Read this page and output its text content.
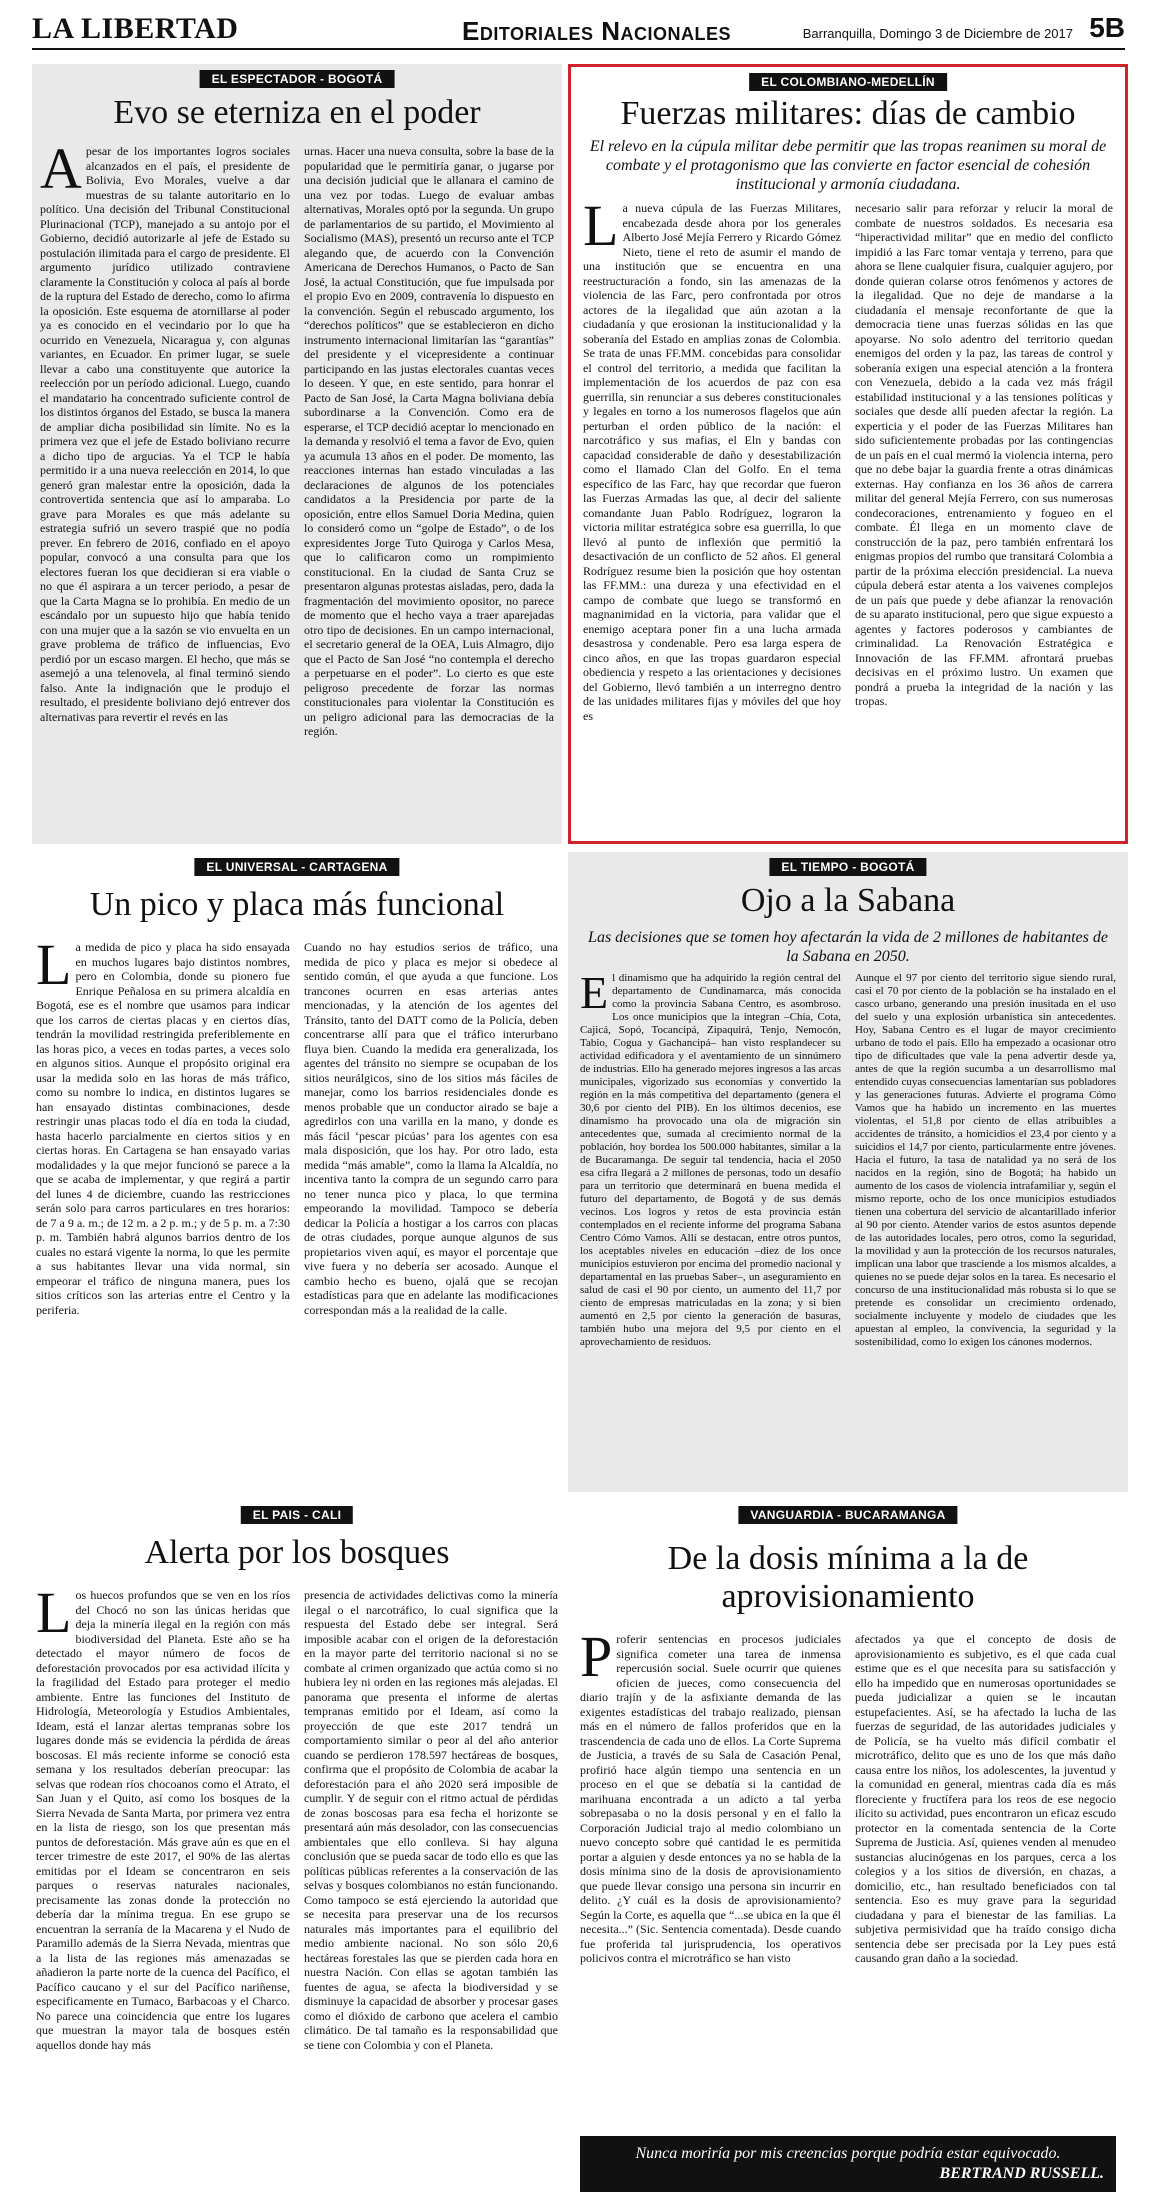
LA LIBERTAD	Editoriales Nacionales	Barranquilla, Domingo 3 de Diciembre de 2017 5B
EL ESPECTADOR - BOGOTÁ
Evo se eterniza en el poder
Apesar de los importantes logros sociales alcanzados en el país, el presidente de Bolivia, Evo Morales, vuelve a dar muestras de su talante autoritario en lo político. Una decisión del Tribunal Constitucional Plurinacional (TCP), manejado a su antojo por el Gobierno, decidió autorizarle al jefe de Estado su postulación ilimitada para el cargo de presidente. El argumento jurídico utilizado contraviene claramente la Constitución y coloca al país al borde de la ruptura del Estado de derecho, como lo afirma la oposición. Este esquema de atornillarse al poder ya es conocido en el vecindario por lo que ha ocurrido en Venezuela, Nicaragua y, con algunas variantes, en Ecuador. En primer lugar, se suele llevar a cabo una constituyente que autorice la reelección por un período adicional. Luego, cuando el mandatario ha concentrado suficiente control de los distintos órganos del Estado, se busca la manera de ampliar dicha posibilidad sin límite. No es la primera vez que el jefe de Estado boliviano recurre a dicho tipo de argucias. Ya el TCP le había permitido ir a una nueva reelección en 2014, lo que generó gran malestar entre la oposición, dada la controvertida sentencia que así lo amparaba. Lo grave para Morales es que más adelante su estrategia sufrió un severo traspié que no podía prever. En febrero de 2016, confiado en el apoyo popular, convocó a una consulta para que los electores fueran los que decidieran si era viable o no que él aspirara a un tercer periodo, a pesar de que la Carta Magna se lo prohibía. En medio de un escándalo por un supuesto hijo que había tenido con una mujer que a la sazón se vio envuelta en un grave problema de tráfico de influencias, Evo perdió por un escaso margen. El hecho, que más se asemejó a una telenovela, al final terminó siendo falso. Ante la indignación que le produjo el resultado, el presidente boliviano dejó entrever dos alternativas para revertir el revés en las
urnas. Hacer una nueva consulta, sobre la base de la popularidad que le permitiría ganar, o jugarse por una decisión judicial que le allanara el camino de una vez por todas. Luego de evaluar ambas alternativas, Morales optó por la segunda. Un grupo de parlamentarios de su partido, el Movimiento al Socialismo (MAS), presentó un recurso ante el TCP alegando que, de acuerdo con la Convención Americana de Derechos Humanos, o Pacto de San José, la actual Constitución, que fue impulsada por el propio Evo en 2009, contravenía lo dispuesto en la convención. Según el rebuscado argumento, los “derechos políticos” que se establecieron en dicho instrumento internacional limitarían las “garantías” del presidente y el vicepresidente a continuar participando en las justas electorales cuantas veces lo deseen. Y que, en este sentido, para honrar el Pacto de San José, la Carta Magna boliviana debía subordinarse a la Convención. Como era de esperarse, el TCP decidió aceptar lo mencionado en la demanda y resolvió el tema a favor de Evo, quien ya acumula 13 años en el poder. De momento, las reacciones internas han estado vinculadas a las declaraciones de algunos de los potenciales candidatos a la Presidencia por parte de la oposición, entre ellos Samuel Doria Medina, quien lo consideró como un “golpe de Estado”, o de los expresidentes Jorge Tuto Quiroga y Carlos Mesa, que lo calificaron como un rompimiento constitucional. En la ciudad de Santa Cruz se presentaron algunas protestas aisladas, pero, dada la fragmentación del movimiento opositor, no parece de momento que el hecho vaya a traer aparejadas otro tipo de decisiones. En un campo internacional, el secretario general de la OEA, Luis Almagro, dijo que el Pacto de San José “no contempla el derecho a perpetuarse en el poder”. Lo cierto es que este peligroso precedente de forzar las normas constitucionales para violentar la Constitución es un peligro adicional para las democracias de la región.
EL COLOMBIANO-MEDELLÍN
Fuerzas militares: días de cambio
El relevo en la cúpula militar debe permitir que las tropas reanimen su moral de combate y el protagonismo que las convierte en factor esencial de cohesión institucional y armonía ciudadana.
La nueva cúpula de las Fuerzas Militares, encabezada desde ahora por los generales Alberto José Mejía Ferrero y Ricardo Gómez Nieto, tiene el reto de asumir el mando de una institución que se encuentra en una reestructuración a fondo, sin las amenazas de la violencia de las Farc, pero confrontada por otros actores de la ilegalidad que aún azotan a la ciudadanía y que erosionan la institucionalidad y la soberanía del Estado en amplias zonas de Colombia. Se trata de unas FF.MM. concebidas para consolidar el control del territorio, a medida que facilitan la implementación de los acuerdos de paz con esa guerrilla, sin renunciar a sus deberes constitucionales y legales en torno a los numerosos flagelos que aún perturban el orden público de la nación: el narcotráfico y sus mafias, el Eln y bandas con capacidad considerable de daño y desestabilización como el llamado Clan del Golfo. En el tema específico de las Farc, hay que recordar que fueron las Fuerzas Armadas las que, al decir del saliente comandante Juan Pablo Rodríguez, lograron la victoria militar estratégica sobre esa guerrilla, lo que llevó al punto de inflexión que permitió la desactivación de un conflicto de 52 años. El general Rodríguez resume bien la posición que hoy ostentan las FF.MM.: una dureza y una efectividad en el campo de combate que luego se transformó en magnanimidad en la victoria, para validar que el enemigo aceptara poner fin a una lucha armada desastrosa y condenable. Pero esa larga espera de cinco años, en que las tropas guardaron especial obediencia y respeto a las orientaciones y decisiones del Gobierno, llevó también a un interregno dentro de las unidades militares fijas y móviles del que hoy es
necesario salir para reforzar y relucir la moral de combate de nuestros soldados. Es necesaria esa “hiperactividad militar” que en medio del conflicto impidió a las Farc tomar ventaja y terreno, para que ahora se llene cualquier fisura, cualquier agujero, por donde quieran colarse otros fenómenos y actores de la ilegalidad. Que no deje de mandarse a la ciudadanía el mensaje reconfortante de que la democracia tiene unas fuerzas sólidas en las que apoyarse. No solo adentro del territorio quedan enemigos del orden y la paz, las tareas de control y soberanía exigen una especial atención a la frontera con Venezuela, debido a la cada vez más frágil estabilidad institucional y a las tensiones políticas y sociales que desde allí pueden afectar la región. La experticia y el poder de las Fuerzas Militares han sido suficientemente probadas por las contingencias de un país en el cual mermó la violencia interna, pero que no debe bajar la guardia frente a otras dinámicas externas. Hay confianza en los 36 años de carrera militar del general Mejía Ferrero, con sus numerosas condecoraciones, entrenamiento y fogueo en el combate. Él llega en un momento clave de construcción de la paz, pero también enfrentará los enigmas propios del rumbo que transitará Colombia a partir de la próxima elección presidencial. La nueva cúpula deberá estar atenta a los vaivenes complejos de un país que puede y debe afianzar la renovación de su aparato institucional, pero que sigue expuesto a agentes y factores poderosos y cambiantes de criminalidad. La Renovación Estratégica e Innovación de las FF.MM. afrontará pruebas decisivas en el próximo lustro. Un examen que pondrá a prueba la integridad de la nación y las tropas.
EL UNIVERSAL - CARTAGENA
Un pico y placa más funcional
La medida de pico y placa ha sido ensayada en muchos lugares bajo distintos nombres, pero en Colombia, donde su pionero fue Enrique Peñalosa en su primera alcaldía en Bogotá, ese es el nombre que usamos para indicar que los carros de ciertas placas y en ciertos días, tendrán la movilidad restringida preferiblemente en las horas pico, a veces en todas partes, a veces solo en algunos sitios. Aunque el propósito original era usar la medida solo en las horas de más tráfico, como su nombre lo indica, en distintos lugares se han ensayado distintas combinaciones, desde restringir unas placas todo el día en toda la ciudad, hasta hacerlo parcialmente en ciertos sitios y en ciertas horas. En Cartagena se han ensayado varias modalidades y la que mejor funcionó se parece a la que se acaba de implementar, y que regirá a partir del lunes 4 de diciembre, cuando las restricciones serán solo para carros particulares en tres horarios: de 7 a 9 a. m.; de 12 m. a 2 p. m.; y de 5 p. m. a 7:30 p. m. También habrá algunos barrios dentro de los cuales no estará vigente la norma, lo que les permite a sus habitantes llevar una vida normal, sin empeorar el tráfico de ninguna manera, pues los sitios críticos son las arterias entre el Centro y la periferia.
Cuando no hay estudios serios de tráfico, una medida de pico y placa es mejor si obedece al sentido común, el que ayuda a que funcione. Los trancones ocurren en esas arterias antes mencionadas, y la atención de los agentes del Tránsito, tanto del DATT como de la Policía, deben concentrarse allí para que el tráfico interurbano fluya bien. Cuando la medida era generalizada, los agentes del tránsito no siempre se ocupaban de los sitios neurálgicos, sino de los sitios más fáciles de manejar, como los barrios residenciales donde es menos probable que un conductor airado se baje a agredirlos con una varilla en la mano, y donde es más fácil ‘pescar picúas’ para los agentes con esa mala disposición, que los hay. Por otro lado, esta medida “más amable”, como la llama la Alcaldía, no incentiva tanto la compra de un segundo carro para no tener nunca pico y placa, lo que termina empeorando la movilidad. Tampoco se debería dedicar la Policía a hostigar a los carros con placas de otras ciudades, porque aunque algunos de sus propietarios viven aquí, es mayor el porcentaje que vive fuera y no debería ser acosado. Aunque el cambio hecho es bueno, ojalá que se recojan estadísticas para que en adelante las modificaciones correspondan más a la realidad de la calle.
EL TIEMPO - BOGOTÁ
Ojo a la Sabana
Las decisiones que se tomen hoy afectarán la vida de 2 millones de habitantes de la Sabana en 2050.
El dinamismo que ha adquirido la región central del departamento de Cundinamarca, más conocida como la provincia Sabana Centro, es asombroso. Los once municipios que la integran –Chía, Cota, Cajicá, Sopó, Tocancipá, Zipaquirá, Tenjo, Nemocón, Tabio, Cogua y Gachancipá– han visto resplandecer su actividad edificadora y el aventamiento de un sinnúmero de industrias. Ello ha generado mejores ingresos a las arcas municipales, vigorizado sus economías y convertido la región en la más competitiva del departamento (genera el 30,6 por ciento del PIB). En los últimos decenios, ese dinamismo ha provocado una ola de migración sin antecedentes que, sumada al crecimiento normal de la población, hoy bordea los 500.000 habitantes, similar a la de Bucaramanga. De seguir tal tendencia, hacia el 2050 esa cifra llegará a 2 millones de personas, todo un desafío para un territorio que determinará en buena medida el futuro del departamento, de Bogotá y de sus demás vecinos. Los logros y retos de esta provincia están contemplados en el reciente informe del programa Sabana Centro Cómo Vamos. Allí se destacan, entre otros puntos, los aceptables niveles en educación –diez de los once municipios estuvieron por encima del promedio nacional y departamental en las pruebas Saber–, un aseguramiento en salud de casi el 90 por ciento, un aumento del 11,7 por ciento de empresas matriculadas en la zona; y si bien aumentó en 2,5 por ciento la generación de basuras, también hubo una mejora del 9,5 por ciento en el aprovechamiento de residuos.
Aunque el 97 por ciento del territorio sigue siendo rural, casi el 70 por ciento de la población se ha instalado en el casco urbano, generando una presión inusitada en el uso del suelo y una explosión urbanística sin antecedentes. Hoy, Sabana Centro es el lugar de mayor crecimiento urbano de todo el país. Ello ha empezado a ocasionar otro tipo de dificultades que vale la pena advertir desde ya, antes de que la región sucumba a un desarrollismo mal entendido cuyas consecuencias lamentarían sus pobladores y las generaciones futuras. Advierte el programa Cómo Vamos que ha habido un incremento en las muertes violentas, el 51,8 por ciento de ellas atribuibles a accidentes de tránsito, a homicidios el 23,4 por ciento y a suicidios el 14,7 por ciento, particularmente entre jóvenes. Hacia el futuro, la tasa de natalidad ya no será de los nacidos en la región, sino de Bogotá; ha habido un aumento de los casos de violencia intrafamiliar y, según el mismo reporte, ocho de los once municipios estudiados tienen una cobertura del servicio de alcantarillado inferior al 90 por ciento. Atender varios de estos asuntos depende de las autoridades locales, pero otros, como la seguridad, la movilidad y aun la protección de los recursos naturales, implican una labor que trasciende a los mismos alcaldes, a quienes no se puede dejar solos en la tarea. Es necesario el concurso de una institucionalidad más robusta si lo que se pretende es consolidar un crecimiento ordenado, socialmente incluyente y modelo de ciudades que les apuestan al empleo, la convivencia, la seguridad y la sostenibilidad, como lo exigen los cánones modernos.
EL PAIS - CALI
Alerta por los bosques
Los huecos profundos que se ven en los ríos del Chocó no son las únicas heridas que deja la minería ilegal en la región con más biodiversidad del Planeta. Este año se ha detectado el mayor número de focos de deforestación provocados por esa actividad ilícita y la fragilidad del Estado para proteger el medio ambiente. Entre las funciones del Instituto de Hidrología, Meteorología y Estudios Ambientales, Ideam, está el lanzar alertas tempranas sobre los lugares donde más se evidencia la pérdida de áreas boscosas. El más reciente informe se conoció esta semana y los resultados deberían preocupar: las selvas que rodean ríos chocoanos como el Atrato, el San Juan y el Quito, así como los bosques de la Sierra Nevada de Santa Marta, por primera vez entra en la lista de riesgo, son los que presentan más puntos de deforestación. Más grave aún es que en el tercer trimestre de este 2017, el 90% de las alertas emitidas por el Ideam se concentraron en seis parques o reservas naturales nacionales, precisamente las zonas donde la protección no debería dar la mínima tregua. En ese grupo se encuentran la serranía de la Macarena y el Nudo de Paramillo además de la Sierra Nevada, mientras que a la lista de las regiones más amenazadas se añadieron la parte norte de la cuenca del Pacífico, el Pacífico caucano y el sur del Pacífico nariñense, especificamente en Tumaco, Barbacoas y el Charco. No parece una coincidencia que entre los lugares que muestran la mayor tala de bosques estén aquellos donde hay más
presencia de actividades delictivas como la minería ilegal o el narcotráfico, lo cual significa que la respuesta del Estado debe ser integral. Será imposible acabar con el origen de la deforestación en la mayor parte del territorio nacional si no se combate al crimen organizado que actúa como si no hubiera ley ni orden en las regiones más alejadas. El panorama que presenta el informe de alertas tempranas emitido por el Ideam, así como la proyección de que este 2017 tendrá un comportamiento similar o peor al del año anterior cuando se perdieron 178.597 hectáreas de bosques, confirma que el propósito de Colombia de acabar la deforestación para el año 2020 será imposible de cumplir. Y de seguir con el ritmo actual de pérdidas de zonas boscosas para esa fecha el horizonte se presentará aún más desolador, con las consecuencias ambientales que ello conlleva. Si hay alguna conclusión que se pueda sacar de todo ello es que las políticas públicas referentes a la conservación de las selvas y bosques colombianos no están funcionando. Como tampoco se está ejerciendo la autoridad que se necesita para preservar una de los recursos naturales más importantes para el equilibrio del medio ambiente nacional. No son sólo 20,6 hectáreas forestales las que se pierden cada hora en nuestra Nación. Con ellas se agotan también las fuentes de agua, se afecta la biodiversidad y se disminuye la capacidad de absorber y procesar gases como el dióxido de carbono que acelera el cambio climático. De tal tamaño es la responsabilidad que se tiene con Colombia y con el Planeta.
VANGUARDIA - BUCARAMANGA
De la dosis mínima a la de aprovisionamiento
Proferir sentencias en procesos judiciales significa cometer una tarea de inmensa repercusión social. Suele ocurrir que quienes oficien de jueces, como consecuencia del diario trajín y de la asfixiante demanda de las exigentes estadísticas del trabajo realizado, piensan más en el número de fallos proferidos que en la trascendencia de cada uno de ellos. La Corte Suprema de Justicia, a través de su Sala de Casación Penal, profirió hace algún tiempo una sentencia en un proceso en el que se debatía si la cantidad de marihuana encontrada a un adicto a tal yerba sobrepasaba o no la dosis personal y en el fallo la Corporación Judicial trajo al medio colombiano un nuevo concepto sobre qué cantidad le es permitida portar a alguien y desde entonces ya no se habla de la dosis mínima sino de la dosis de aprovisionamiento que puede llevar consigo una persona sin incurrir en delito. ¿Y cuál es la dosis de aprovisionamiento? Según la Corte, es aquella que “...se ubica en la que él necesita...” (Sic. Sentencia comentada). Desde cuando fue proferida tal jurisprudencia, los operativos policivos contra el microtráfico se han visto
afectados ya que el concepto de dosis de aprovisionamiento es subjetivo, es el que cada cual estime que es el que necesita para su satisfacción y ello ha impedido que en numerosas oportunidades se pueda judicializar a quien se le incautan estupefacientes. Así, se ha afectado la lucha de las fuerzas de seguridad, de las autoridades judiciales y de Policía, se ha vuelto más difícil combatir el microtráfico, delito que es uno de los que más daño causa entre los niños, los adolescentes, la juventud y la comunidad en general, mientras cada día es más floreciente y fructífera para los reos de ese negocio ilícito su actividad, pues encontraron un eficaz escudo protector en la comentada sentencia de la Corte Suprema de Justicia. Así, quienes venden al menudeo sustancias alucinógenas en los parques, cerca a los colegios y a los sitios de diversión, en chazas, a domicilio, etc., han resultado beneficiados con tal sentencia. Eso es muy grave para la seguridad ciudadana y para el bienestar de las familias. La subjetiva permisividad que ha traído consigo dicha sentencia debe ser precisada por la Ley pues está causando gran daño a la sociedad.
Nunca moriría por mis creencias porque podría estar equivocado.
BERTRAND RUSSELL.
